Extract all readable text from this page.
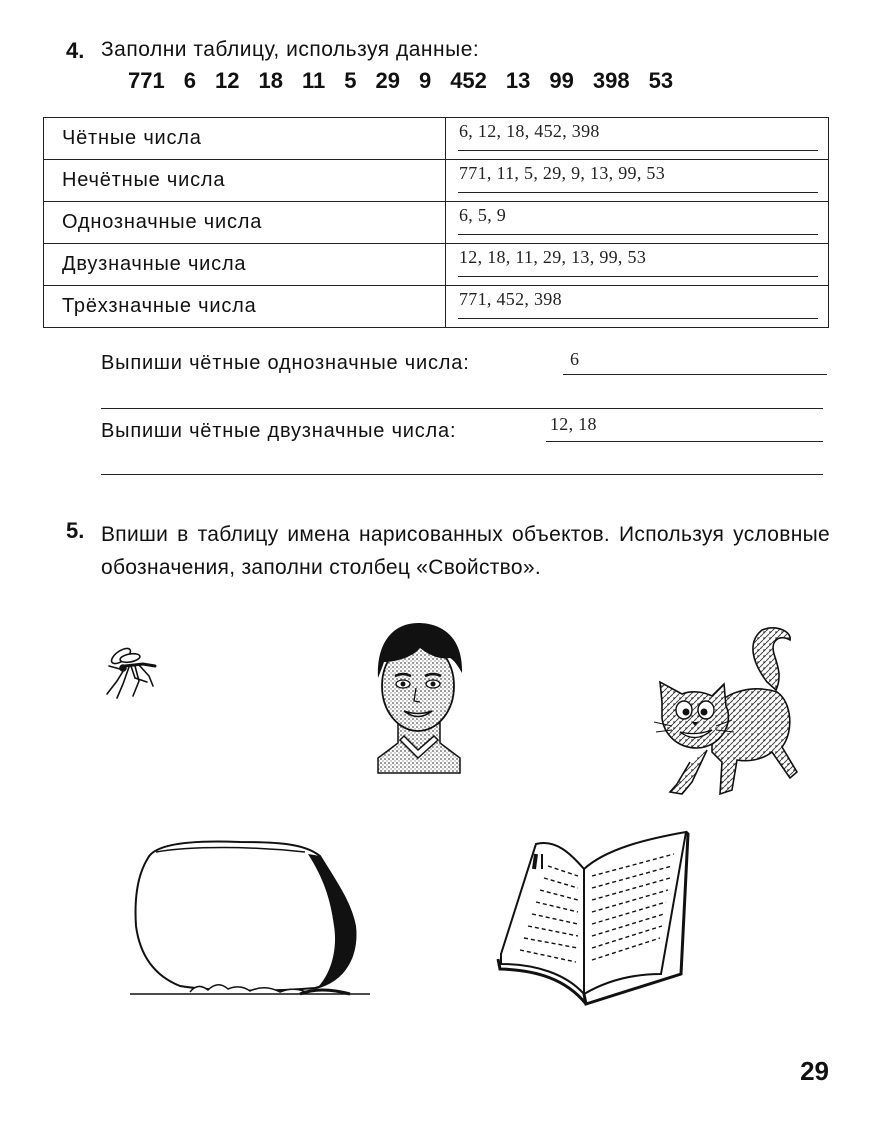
4. Заполни таблицу, используя данные:
771 6 12 18 11 5 29 9 452 13 99 398 53
Чётные числа	6, 12, 18, 452, 398

Нечётные числа	771, 11, 5, 29, 9, 13, 99, 53

Однозначные числа	6, 5, 9

Двузначные числа	12, 18, 11, 29, 13, 99, 53

Трёхзначные числа	771, 452, 398
Выпиши чётные однозначные числа:	6
Выпиши чётные двузначные числа:	12, 18
5. Впиши в таблицу имена нарисованных объектов. Используя условные обозначения, заполни столбец «Свойство».
29
